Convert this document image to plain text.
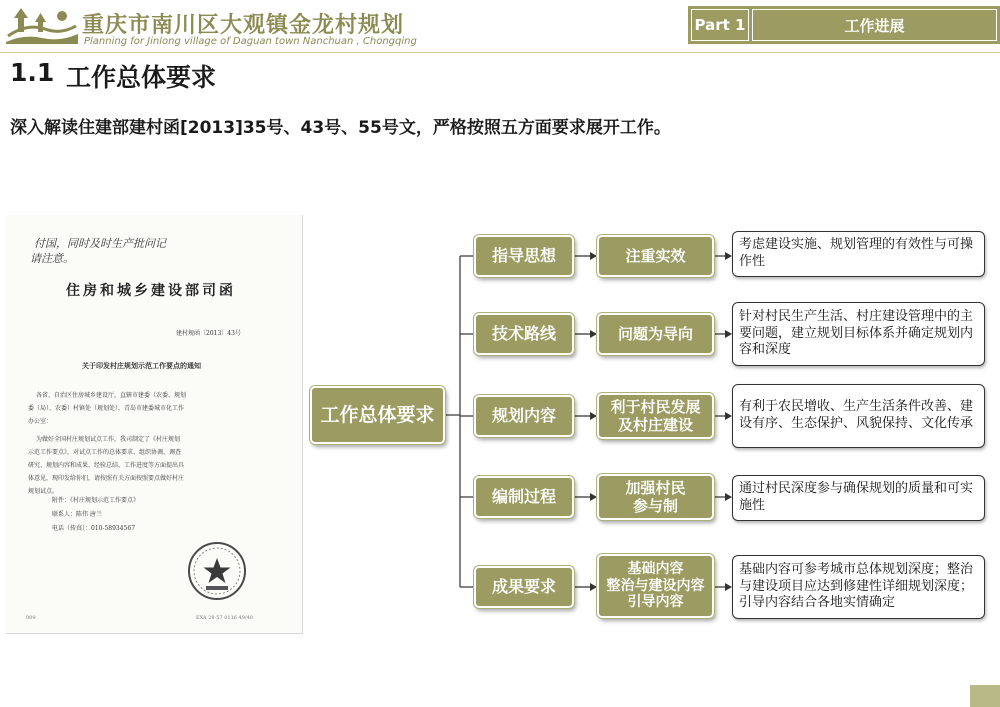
重庆市南川区大观镇金龙村规划
Planning for Jinlong village of Daguan town Nanchuan , Chongqing
Part 1	工作进展
1.1 工作总体要求
深入解读住建部建村函[2013]35号、43号、55号文，严格按照五方面要求展开工作。
付国，同时及时生产批问记
请注意。
住房和城乡建设部司函
建村规函〔2013〕43号
关于印发村庄规划示范工作要点的通知
各省、自治区住房城乡建设厅，直辖市建委（农委、规划
委（局）、农委）村镇处（规划处），青岛市建委城市化工作
办公室：
为做好全国村庄规划试点工作，我司制定了《村庄规划
示范工作要点》，对试点工作的总体要求、组织协调、调查
研究、规划内容和成果、经验总结、工作进度等方面提出具
体意见，现印发给你们，请按照有关方面按照要点做好村庄
规划试点。
附件：《村庄规划示范工作要点》
联系人：陈伟 唐兰
电话（传真）：010-58934567
009	EXA 28-57 0116 49/40
工作总体要求
指导思想
技术路线
规划内容
编制过程
成果要求
注重实效
问题为导向
利于村民发展
及村庄建设
加强村民
参与制
基础内容
整治与建设内容
引导内容
考虑建设实施、规划管理的有效性与可操作性
针对村民生产生活、村庄建设管理中的主要问题，建立规划目标体系并确定规划内容和深度
有利于农民增收、生产生活条件改善、建设有序、生态保护、风貌保持、文化传承
通过村民深度参与确保规划的质量和可实施性
基础内容可参考城市总体规划深度；整治与建设项目应达到修建性详细规划深度；引导内容结合各地实情确定
